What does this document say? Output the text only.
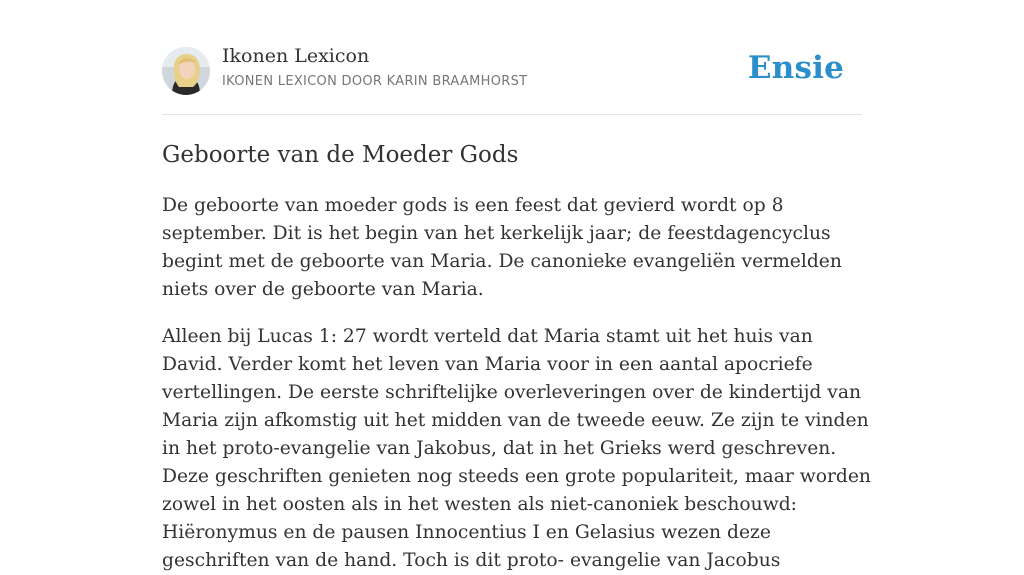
Ikonen Lexicon
IKONEN LEXICON DOOR KARIN BRAAMHORST	Ensie
Geboorte van de Moeder Gods

De geboorte van moeder gods is een feest dat gevierd wordt op 8 september. Dit is het begin van het kerkelijk jaar; de feestdagencyclus begint met de geboorte van Maria. De canonieke evangeliën vermelden niets over de geboorte van Maria.

Alleen bij Lucas 1: 27 wordt verteld dat Maria stamt uit het huis van David. Verder komt het leven van Maria voor in een aantal apocriefe vertellingen. De eerste schriftelijke overleveringen over de kindertijd van Maria zijn afkomstig uit het midden van de tweede eeuw. Ze zijn te vinden in het proto-evangelie van Jakobus, dat in het Grieks werd geschreven. Deze geschriften genieten nog steeds een grote populariteit, maar worden zowel in het oosten als in het westen als niet-canoniek beschouwd: Hiëronymus en de pausen Innocentius I en Gelasius wezen deze geschriften van de hand. Toch is dit proto- evangelie van Jacobus
